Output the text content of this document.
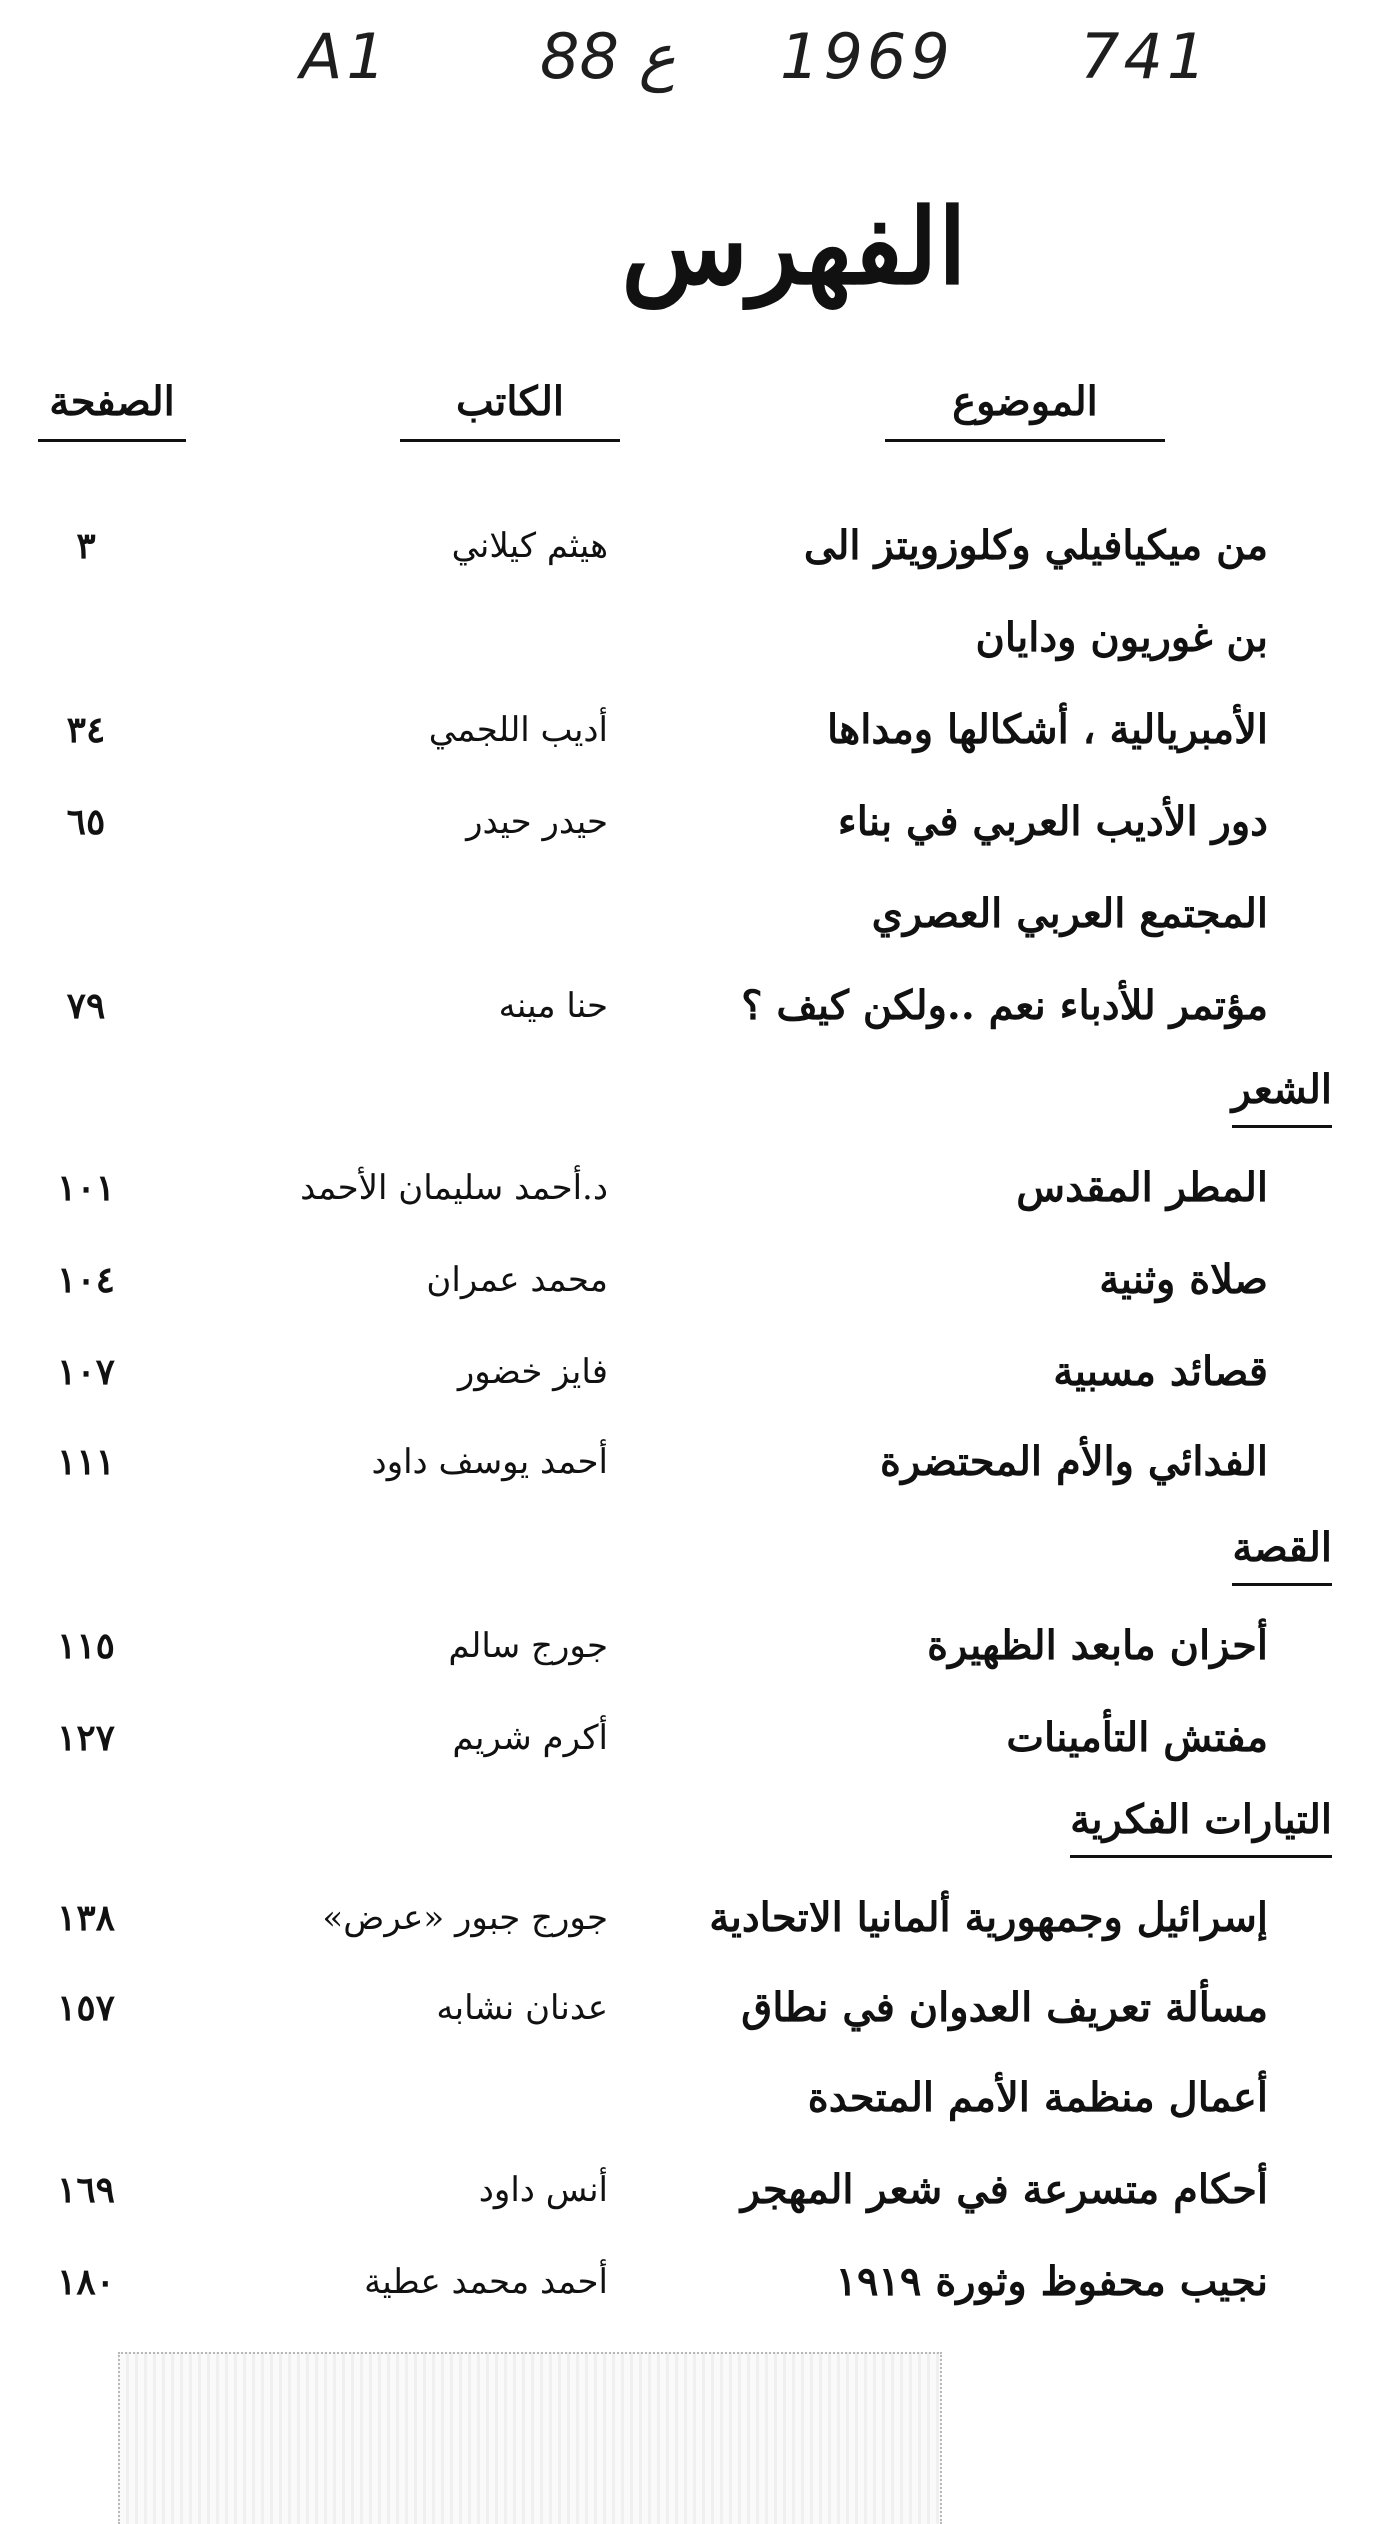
A1 88 ع 1969 741
الفهرس
الصفحة	الكاتب	الموضوع
من ميكيافيلي وكلوزويتز الى
هيثم كيلاني
٣
بن غوريون ودايان
الأمبريالية ، أشكالها ومداها
أديب اللجمي
٣٤
دور الأديب العربي في بناء
حيدر حيدر
٦٥
المجتمع العربي العصري
مؤتمر للأدباء نعم ..ولكن كيف ؟
حنا مينه
٧٩
الشعر
المطر المقدس
د.أحمد سليمان الأحمد
١٠١
صلاة وثنية
محمد عمران
١٠٤
قصائد مسبية
فايز خضور
١٠٧
الفدائي والأم المحتضرة
أحمد يوسف داود
١١١
القصة
أحزان مابعد الظهيرة
جورج سالم
١١٥
مفتش التأمينات
أكرم شريم
١٢٧
التيارات الفكرية
إسرائيل وجمهورية ألمانيا الاتحادية
جورج جبور «عرض»
١٣٨
مسألة تعريف العدوان في نطاق
عدنان نشابه
١٥٧
أعمال منظمة الأمم المتحدة
أحكام متسرعة في شعر المهجر
أنس داود
١٦٩
نجيب محفوظ وثورة ١٩١٩
أحمد محمد عطية
١٨٠
